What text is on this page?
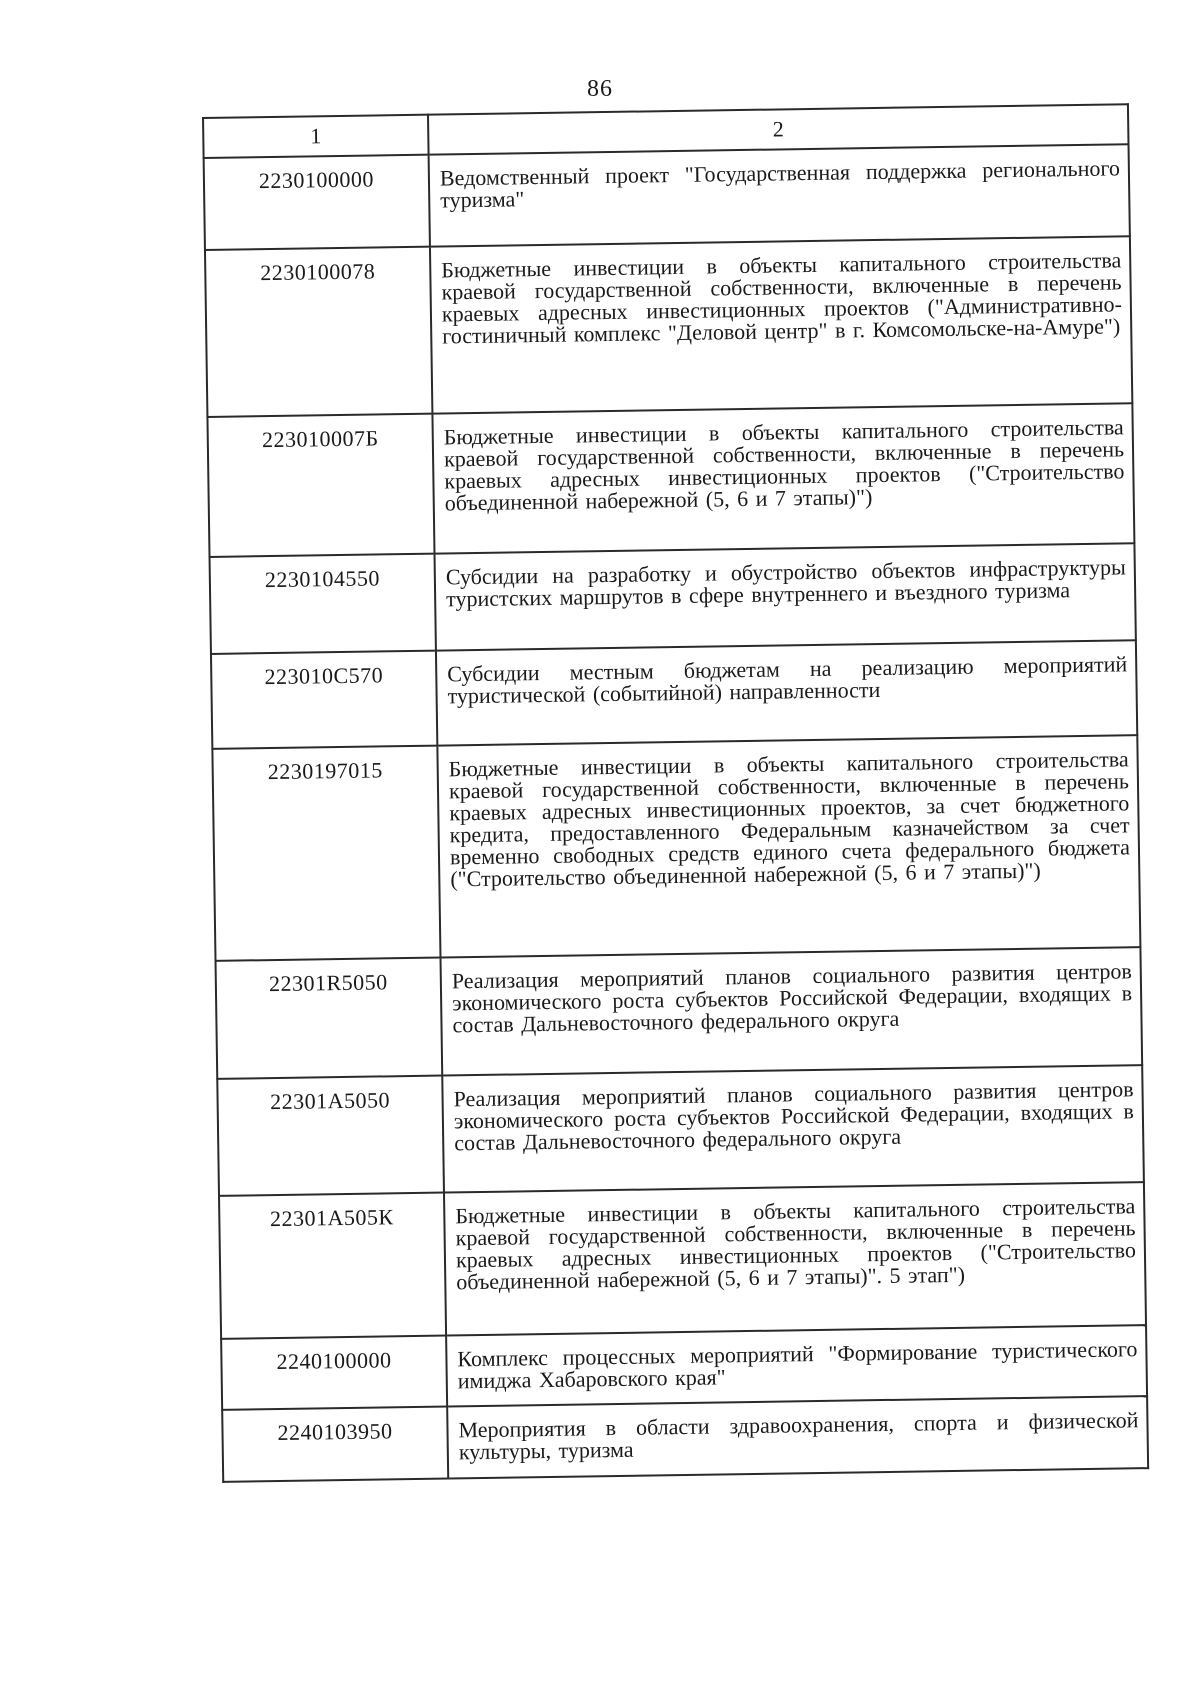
86
1	2
2230100000	Ведомственный проект "Государственная поддержка регионального туризма"
2230100078	Бюджетные инвестиции в объекты капитального строительства краевой государственной собственности, включенные в перечень краевых адресных инвестиционных проектов ("Административно-гостиничный комплекс "Деловой центр" в г. Комсомольске-на-Амуре")
223010007Б	Бюджетные инвестиции в объекты капитального строительства краевой государственной собственности, включенные в перечень краевых адресных инвестиционных проектов ("Строительство объединенной набережной (5, 6 и 7 этапы)")
2230104550	Субсидии на разработку и обустройство объектов инфраструктуры туристских маршрутов в сфере внутреннего и въездного туризма
223010С570	Субсидии местным бюджетам на реализацию мероприятий туристической (событийной) направленности
2230197015	Бюджетные инвестиции в объекты капитального строительства краевой государственной собственности, включенные в перечень краевых адресных инвестиционных проектов, за счет бюджетного кредита, предоставленного Федеральным казначейством за счет временно свободных средств единого счета федерального бюджета ("Строительство объединенной набережной (5, 6 и 7 этапы)")
22301R5050	Реализация мероприятий планов социального развития центров экономического роста субъектов Российской Федерации, входящих в состав Дальневосточного федерального округа
22301А5050	Реализация мероприятий планов социального развития центров экономического роста субъектов Российской Федерации, входящих в состав Дальневосточного федерального округа
22301А505К	Бюджетные инвестиции в объекты капитального строительства краевой государственной собственности, включенные в перечень краевых адресных инвестиционных проектов ("Строительство объединенной набережной (5, 6 и 7 этапы)". 5 этап")
2240100000	Комплекс процессных мероприятий "Формирование туристического имиджа Хабаровского края"
2240103950	Мероприятия в области здравоохранения, спорта и физической культуры, туризма
